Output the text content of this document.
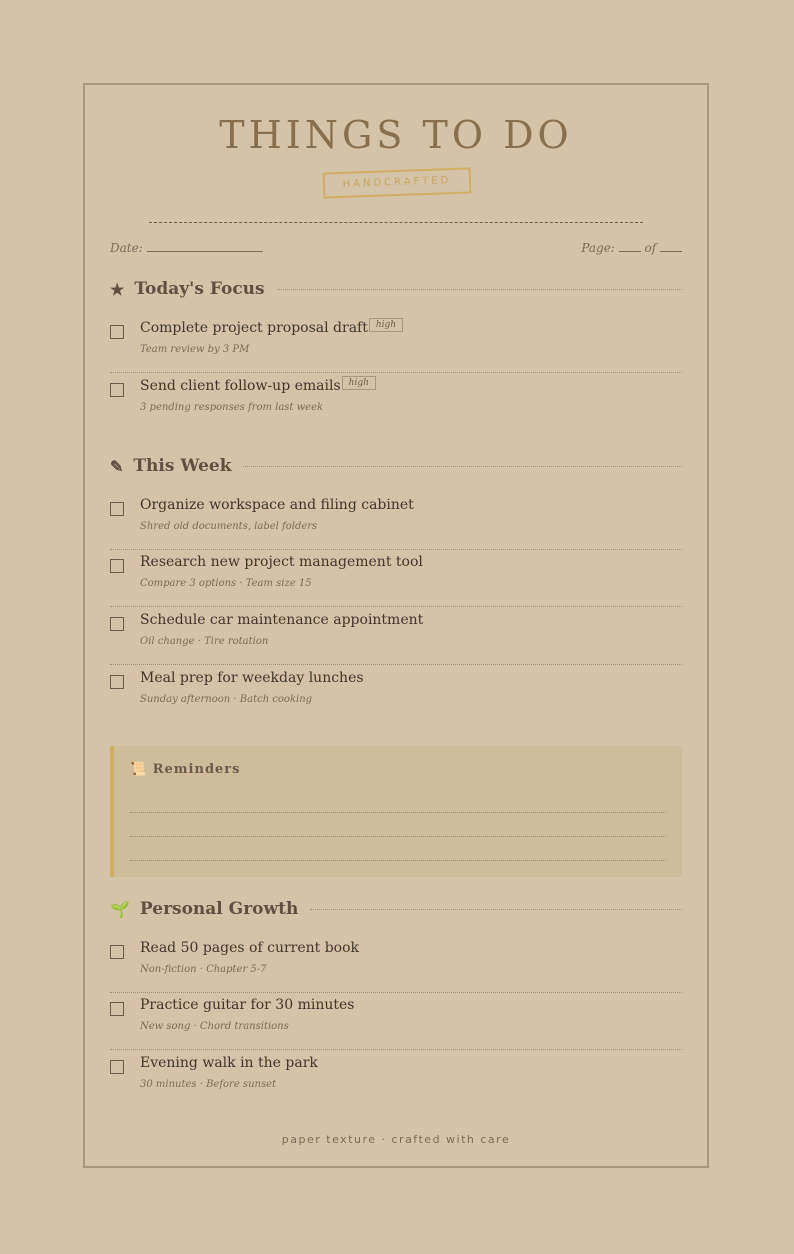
THINGS TO DO
HANDCRAFTED
Date:	Page: of
★ Today's Focus
Complete project proposal draft high
Team review by 3 PM
Send client follow-up emails high
3 pending responses from last week
✎ This Week
Organize workspace and filing cabinet
Shred old documents, label folders
Research new project management tool
Compare 3 options · Team size 15
Schedule car maintenance appointment
Oil change · Tire rotation
Meal prep for weekday lunches
Sunday afternoon · Batch cooking
📜 Reminders
🌱 Personal Growth
Read 50 pages of current book
Non-fiction · Chapter 5-7
Practice guitar for 30 minutes
New song · Chord transitions
Evening walk in the park
30 minutes · Before sunset
paper texture · crafted with care
